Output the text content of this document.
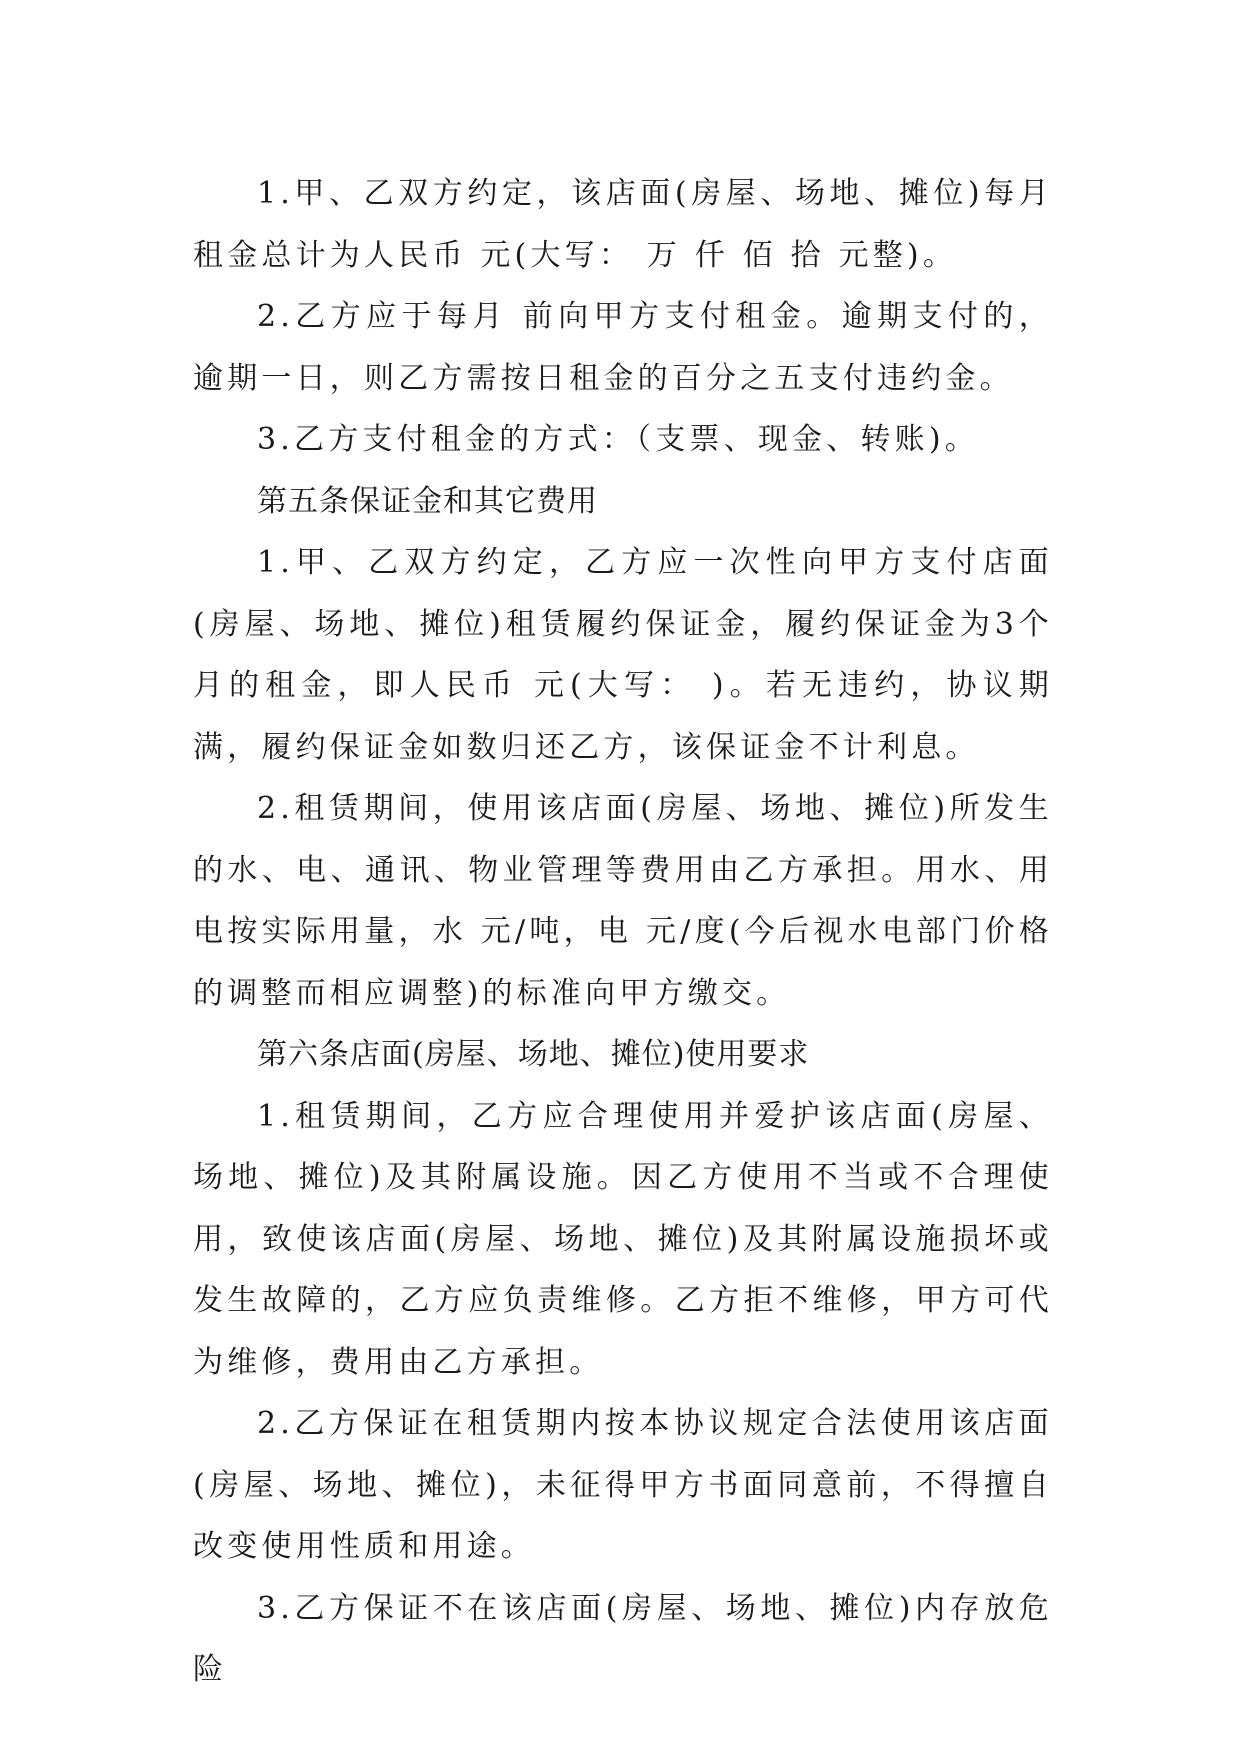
1.甲、乙双方约定，该店面(房屋、场地、摊位)每月租金总计为人民币 元(大写： 万 仟 佰 拾 元整)。

2.乙方应于每月 前向甲方支付租金。逾期支付的，逾期一日，则乙方需按日租金的百分之五支付违约金。

3.乙方支付租金的方式：（支票、现金、转账)。

第五条保证金和其它费用

1.甲、乙双方约定，乙方应一次性向甲方支付店面(房屋、场地、摊位)租赁履约保证金，履约保证金为3个月的租金，即人民币 元(大写： )。若无违约，协议期满，履约保证金如数归还乙方，该保证金不计利息。

2.租赁期间，使用该店面(房屋、场地、摊位)所发生的水、电、通讯、物业管理等费用由乙方承担。用水、用电按实际用量，水 元/吨，电 元/度(今后视水电部门价格的调整而相应调整)的标准向甲方缴交。

第六条店面(房屋、场地、摊位)使用要求

1.租赁期间，乙方应合理使用并爱护该店面(房屋、场地、摊位)及其附属设施。因乙方使用不当或不合理使用，致使该店面(房屋、场地、摊位)及其附属设施损坏或发生故障的，乙方应负责维修。乙方拒不维修，甲方可代为维修，费用由乙方承担。

2.乙方保证在租赁期内按本协议规定合法使用该店面(房屋、场地、摊位)，未征得甲方书面同意前，不得擅自改变使用性质和用途。

3.乙方保证不在该店面(房屋、场地、摊位)内存放危险
